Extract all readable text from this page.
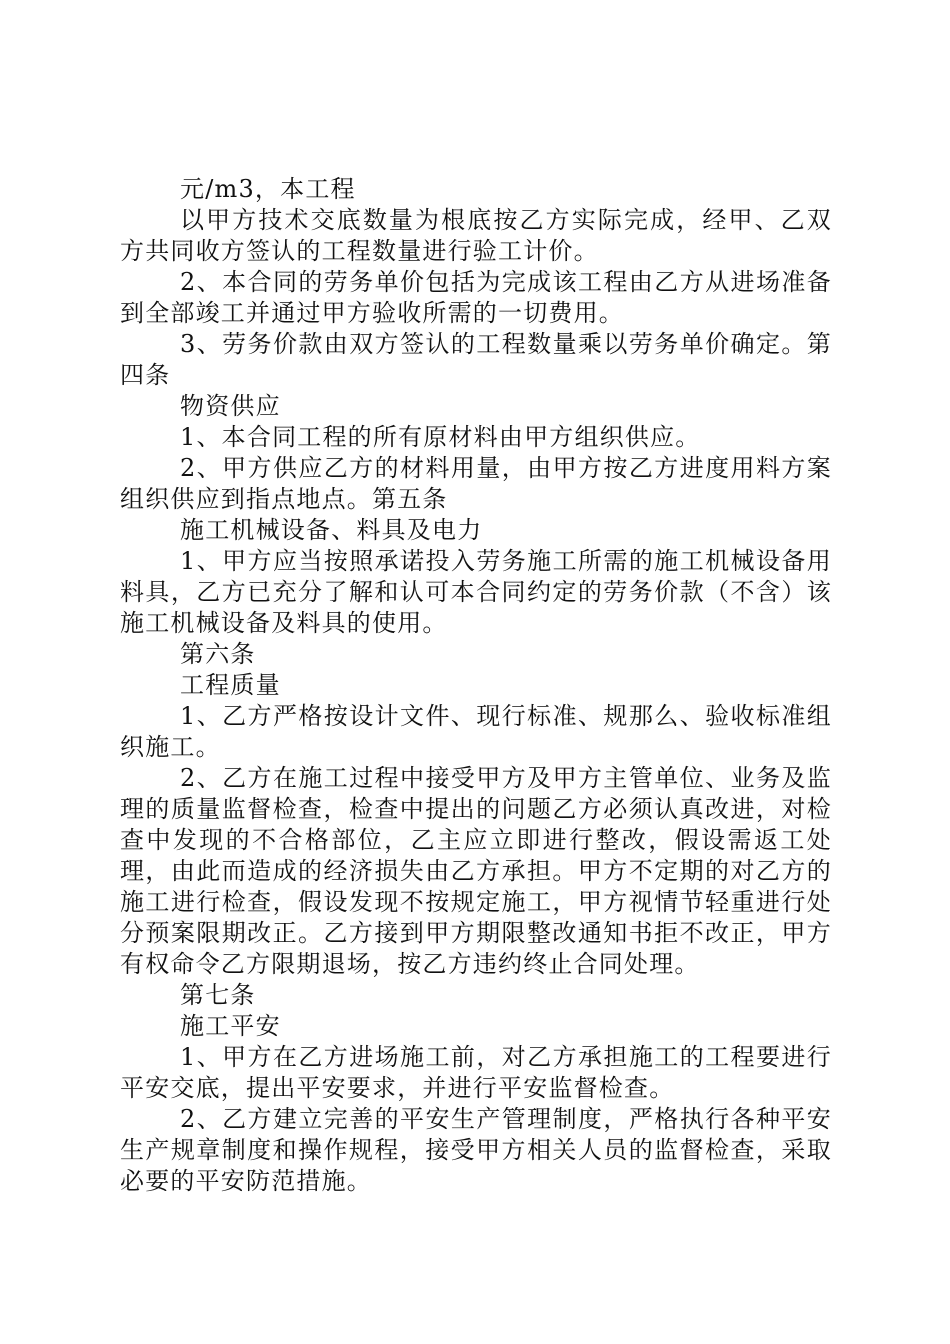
元/m3，本工程

以甲方技术交底数量为根底按乙方实际完成，经甲、乙双方共同收方签认的工程数量进行验工计价。

2、本合同的劳务单价包括为完成该工程由乙方从进场准备到全部竣工并通过甲方验收所需的一切费用。

3、劳务价款由双方签认的工程数量乘以劳务单价确定。第四条

物资供应

1、本合同工程的所有原材料由甲方组织供应。

2、甲方供应乙方的材料用量，由甲方按乙方进度用料方案组织供应到指点地点。第五条

施工机械设备、料具及电力

1、甲方应当按照承诺投入劳务施工所需的施工机械设备用料具，乙方已充分了解和认可本合同约定的劳务价款（不含）该施工机械设备及料具的使用。

第六条

工程质量

1、乙方严格按设计文件、现行标准、规那么、验收标准组织施工。

2、乙方在施工过程中接受甲方及甲方主管单位、业务及监理的质量监督检查，检查中提出的问题乙方必须认真改进，对检查中发现的不合格部位，乙主应立即进行整改，假设需返工处理，由此而造成的经济损失由乙方承担。甲方不定期的对乙方的施工进行检查，假设发现不按规定施工，甲方视情节轻重进行处分预案限期改正。乙方接到甲方期限整改通知书拒不改正，甲方有权命令乙方限期退场，按乙方违约终止合同处理。

第七条

施工平安

1、甲方在乙方进场施工前，对乙方承担施工的工程要进行平安交底，提出平安要求，并进行平安监督检查。

2、乙方建立完善的平安生产管理制度，严格执行各种平安生产规章制度和操作规程，接受甲方相关人员的监督检查，采取必要的平安防范措施。
